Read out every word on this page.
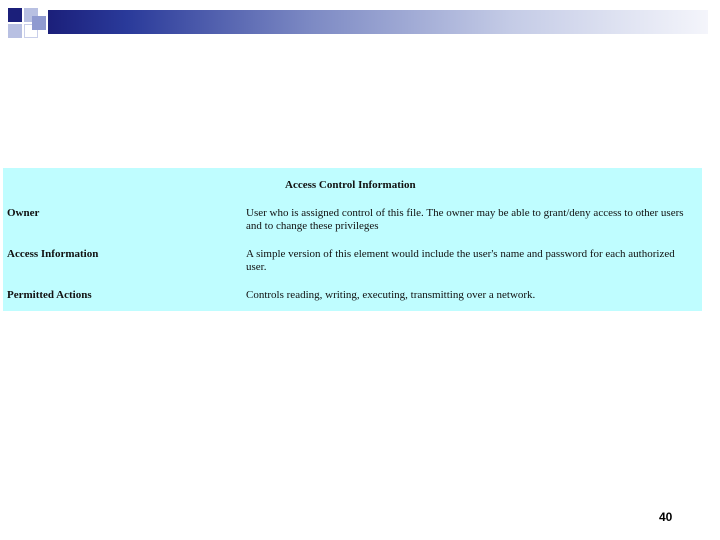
Access Control Information
Owner	User who is assigned control of this file. The owner may be able to grant/deny access to other users and to change these privileges
Access Information	A simple version of this element would include the user's name and password for each authorized user.
Permitted Actions	Controls reading, writing, executing, transmitting over a network.
40
